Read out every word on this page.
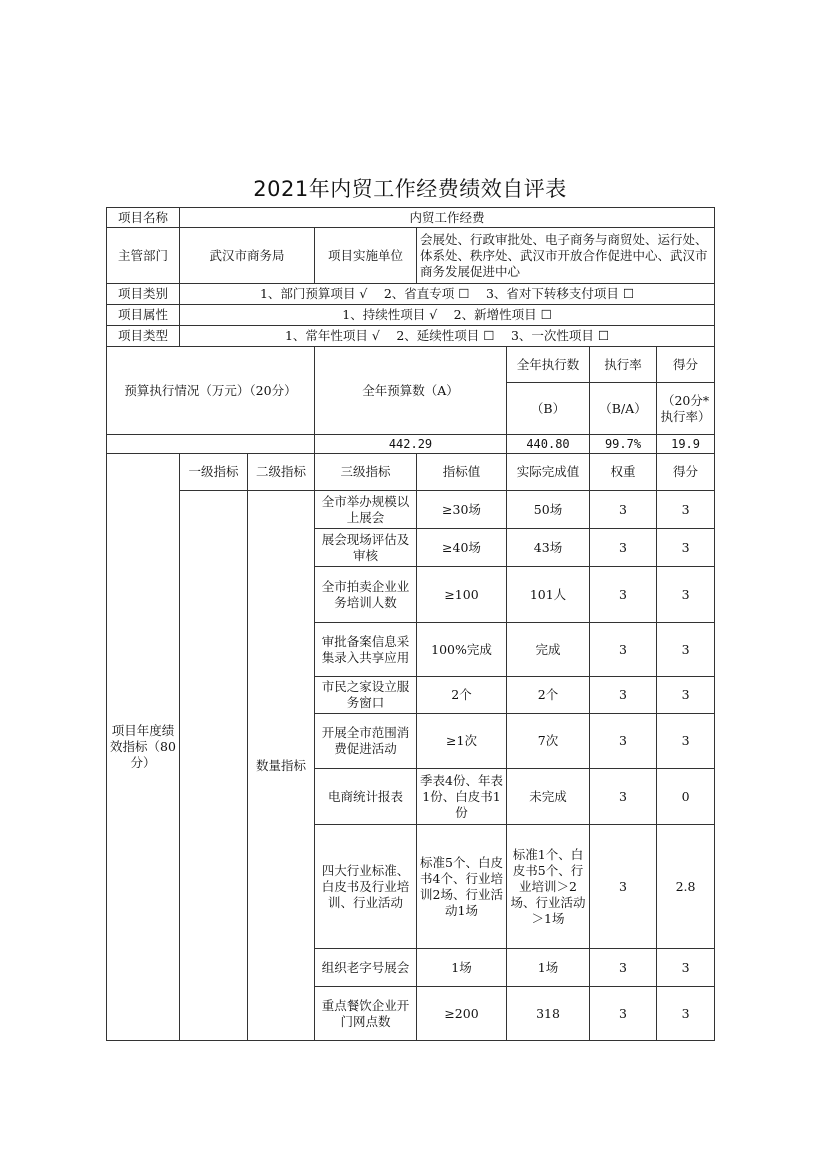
2021年内贸工作经费绩效自评表
项目名称	内贸工作经费						
主管部门	武汉市商务局		项目实施单位	会展处、行政审批处、电子商务与商贸处、运行处、体系处、秩序处、武汉市开放合作促进中心、武汉市商务发展促进中心			
项目类别	1、部门预算项目 √　 2、省直专项 ☐　 3、省对下转移支付项目 ☐						
项目属性	1、持续性项目 √　 2、新增性项目 ☐						
项目类型	1、常年性项目 √　 2、延续性项目 ☐　 3、一次性项目 ☐						
预算执行情况（万元）（20分）			全年预算数（A）		全年执行数	执行率	得分
					（B）	（B/A）	（20分*执行率）
			442.29		440.80	99.7%	19.9
项目年度绩效指标（80分）	一级指标	二级指标	三级指标	指标值	实际完成值	权重	得分
		数量指标	全市举办规模以上展会	≥30场	50场	3	3
			展会现场评估及审核	≥40场	43场	3	3
			全市拍卖企业业务培训人数	≥100	101人	3	3
			审批备案信息采集录入共享应用	100%完成	完成	3	3
			市民之家设立服务窗口	2个	2个	3	3
			开展全市范围消费促进活动	≥1次	7次	3	3
			电商统计报表	季表4份、年表1份、白皮书1份	未完成	3	0
			四大行业标准、白皮书及行业培训、行业活动	标准5个、白皮书4个、行业培训2场、行业活动1场	标准1个、白皮书5个、行业培训＞2场、行业活动＞1场	3	2.8
			组织老字号展会	1场	1场	3	3
			重点餐饮企业开门网点数	≥200	318	3	3
